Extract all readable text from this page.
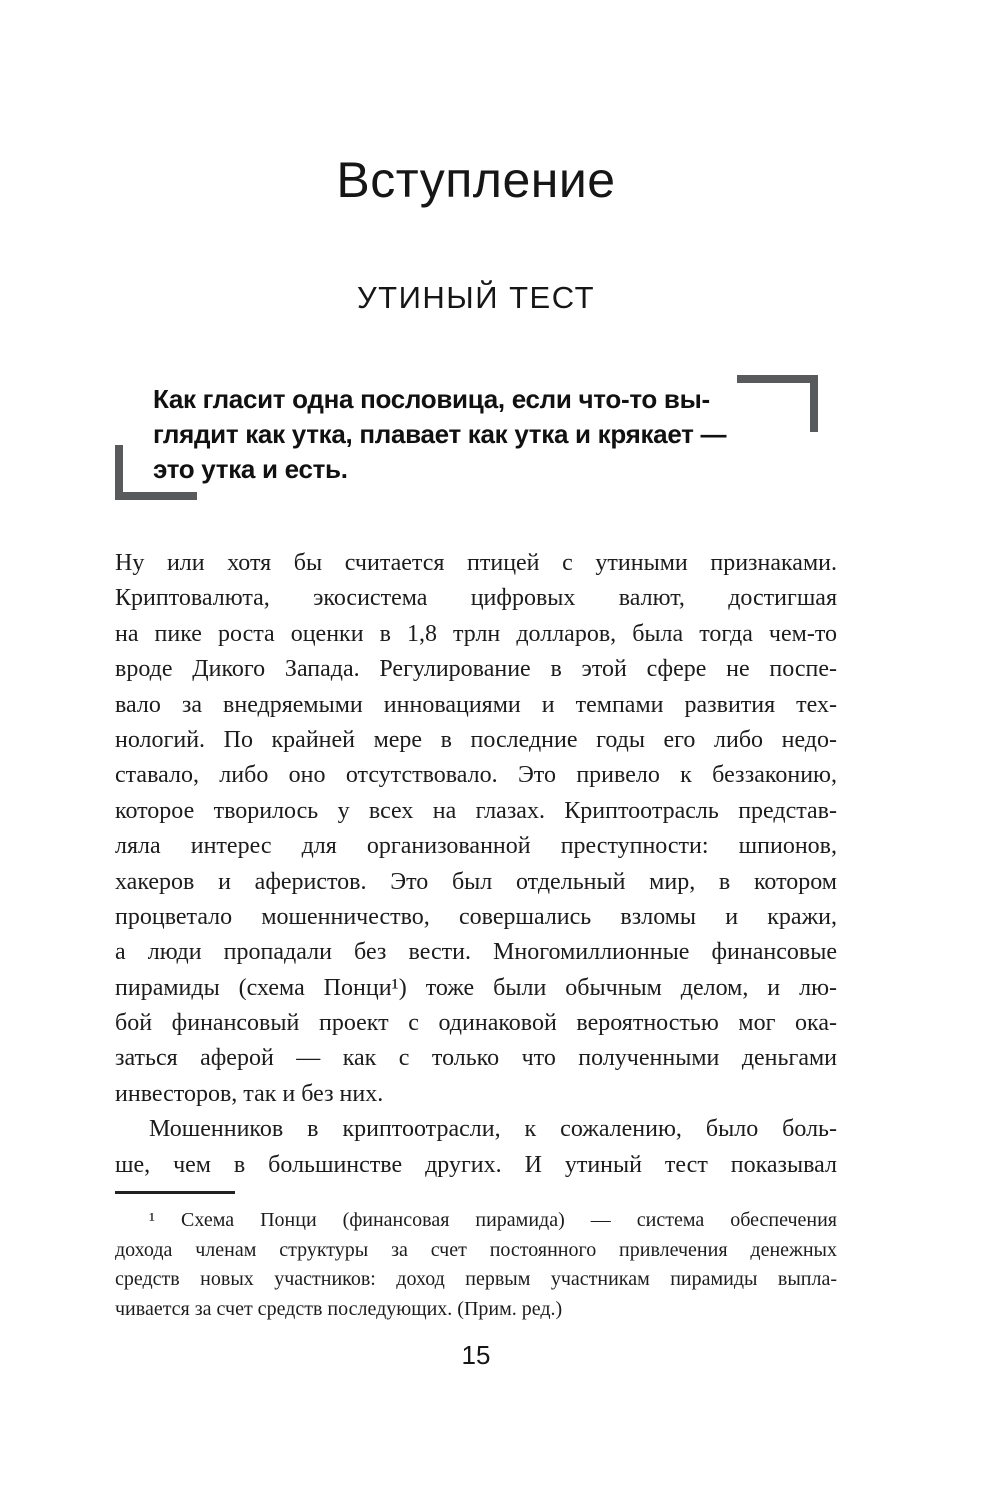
Вступление
УТИНЫЙ ТЕСТ
Как гласит одна пословица, если что-то вы-
глядит как утка, плавает как утка и крякает —
это утка и есть.
Ну или хотя бы считается птицей с утиными признаками.
Криптовалюта, экосистема цифровых валют, достигшая
на пике роста оценки в 1,8 трлн долларов, была тогда чем-то
вроде Дикого Запада. Регулирование в этой сфере не поспе-
вало за внедряемыми инновациями и темпами развития тех-
нологий. По крайней мере в последние годы его либо недо-
ставало, либо оно отсутствовало. Это привело к беззаконию,
которое творилось у всех на глазах. Криптоотрасль представ-
ляла интерес для организованной преступности: шпионов,
хакеров и аферистов. Это был отдельный мир, в котором
процветало мошенничество, совершались взломы и кражи,
а люди пропадали без вести. Многомиллионные финансовые
пирамиды (схема Понци¹) тоже были обычным делом, и лю-
бой финансовый проект с одинаковой вероятностью мог ока-
заться аферой — как с только что полученными деньгами
инвесторов, так и без них.
Мошенников в криптоотрасли, к сожалению, было боль-
ше, чем в большинстве других. И утиный тест показывал
¹ Схема Понци (финансовая пирамида) — система обеспечения
дохода членам структуры за счет постоянного привлечения денежных
средств новых участников: доход первым участникам пирамиды выпла-
чивается за счет средств последующих. (Прим. ред.)
15
